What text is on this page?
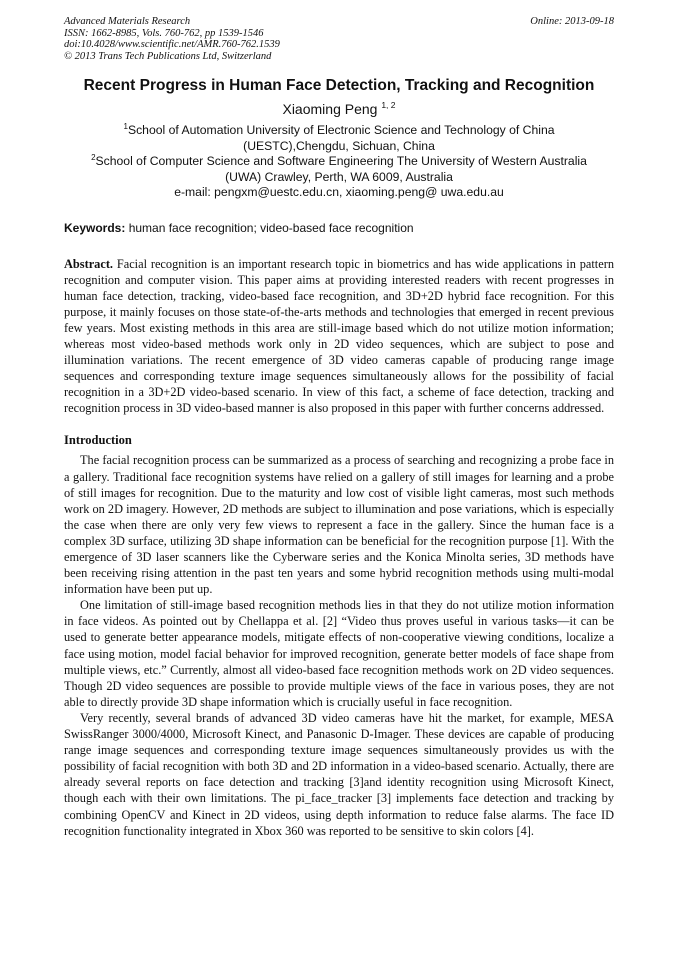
Advanced Materials Research
ISSN: 1662-8985, Vols. 760-762, pp 1539-1546
doi:10.4028/www.scientific.net/AMR.760-762.1539
© 2013 Trans Tech Publications Ltd, Switzerland
Online: 2013-09-18
Recent Progress in Human Face Detection, Tracking and Recognition
Xiaoming Peng $^{1, 2}$

$^1$School of Automation University of Electronic Science and Technology of China

(UESTC),Chengdu, Sichuan, China

$^2$School of Computer Science and Software Engineering The University of Western Australia

(UWA) Crawley, Perth, WA 6009, Australia

e-mail: pengxm@uestc.edu.cn, xiaoming.peng@ uwa.edu.au

Keywords: human face recognition; video-based face recognition
Abstract. Facial recognition is an important research topic in biometrics and has wide applications in pattern recognition and computer vision. This paper aims at providing interested readers with recent progresses in human face detection, tracking, video-based face recognition, and 3D+2D hybrid face recognition. For this purpose, it mainly focuses on those state-of-the-arts methods and technologies that emerged in recent previous few years. Most existing methods in this area are still-image based which do not utilize motion information; whereas most video-based methods work only in 2D video sequences, which are subject to pose and illumination variations. The recent emergence of 3D video cameras capable of producing range image sequences and corresponding texture image sequences simultaneously allows for the possibility of facial recognition in a 3D+2D video-based scenario. In view of this fact, a scheme of face detection, tracking and recognition process in 3D video-based manner is also proposed in this paper with further concerns addressed.
Introduction

The facial recognition process can be summarized as a process of searching and recognizing a probe face in a gallery. Traditional face recognition systems have relied on a gallery of still images for learning and a probe of still images for recognition. Due to the maturity and low cost of visible light cameras, most such methods work on 2D imagery. However, 2D methods are subject to illumination and pose variations, which is especially the case when there are only very few views to represent a face in the gallery. Since the human face is a complex 3D surface, utilizing 3D shape information can be beneficial for the recognition purpose [1]. With the emergence of 3D laser scanners like the Cyberware series and the Konica Minolta series, 3D methods have been receiving rising attention in the past ten years and some hybrid recognition methods using multi-modal information have been put up.

One limitation of still-image based recognition methods lies in that they do not utilize motion information in face videos. As pointed out by Chellappa et al. [2] “Video thus proves useful in various tasks—it can be used to generate better appearance models, mitigate effects of non-cooperative viewing conditions, localize a face using motion, model facial behavior for improved recognition, generate better models of face shape from multiple views, etc.” Currently, almost all video-based face recognition methods work on 2D video sequences. Though 2D video sequences are possible to provide multiple views of the face in various poses, they are not able to directly provide 3D shape information which is crucially useful in face recognition.

Very recently, several brands of advanced 3D video cameras have hit the market, for example, MESA SwissRanger 3000/4000, Microsoft Kinect, and Panasonic D-Imager. These devices are capable of producing range image sequences and corresponding texture image sequences simultaneously provides us with the possibility of facial recognition with both 3D and 2D information in a video-based scenario. Actually, there are already several reports on face detection and tracking [3]and identity recognition using Microsoft Kinect, though each with their own limitations. The pi_face_tracker [3] implements face detection and tracking by combining OpenCV and Kinect in 2D videos, using depth information to reduce false alarms. The face ID recognition functionality integrated in Xbox 360 was reported to be sensitive to skin colors [4].
